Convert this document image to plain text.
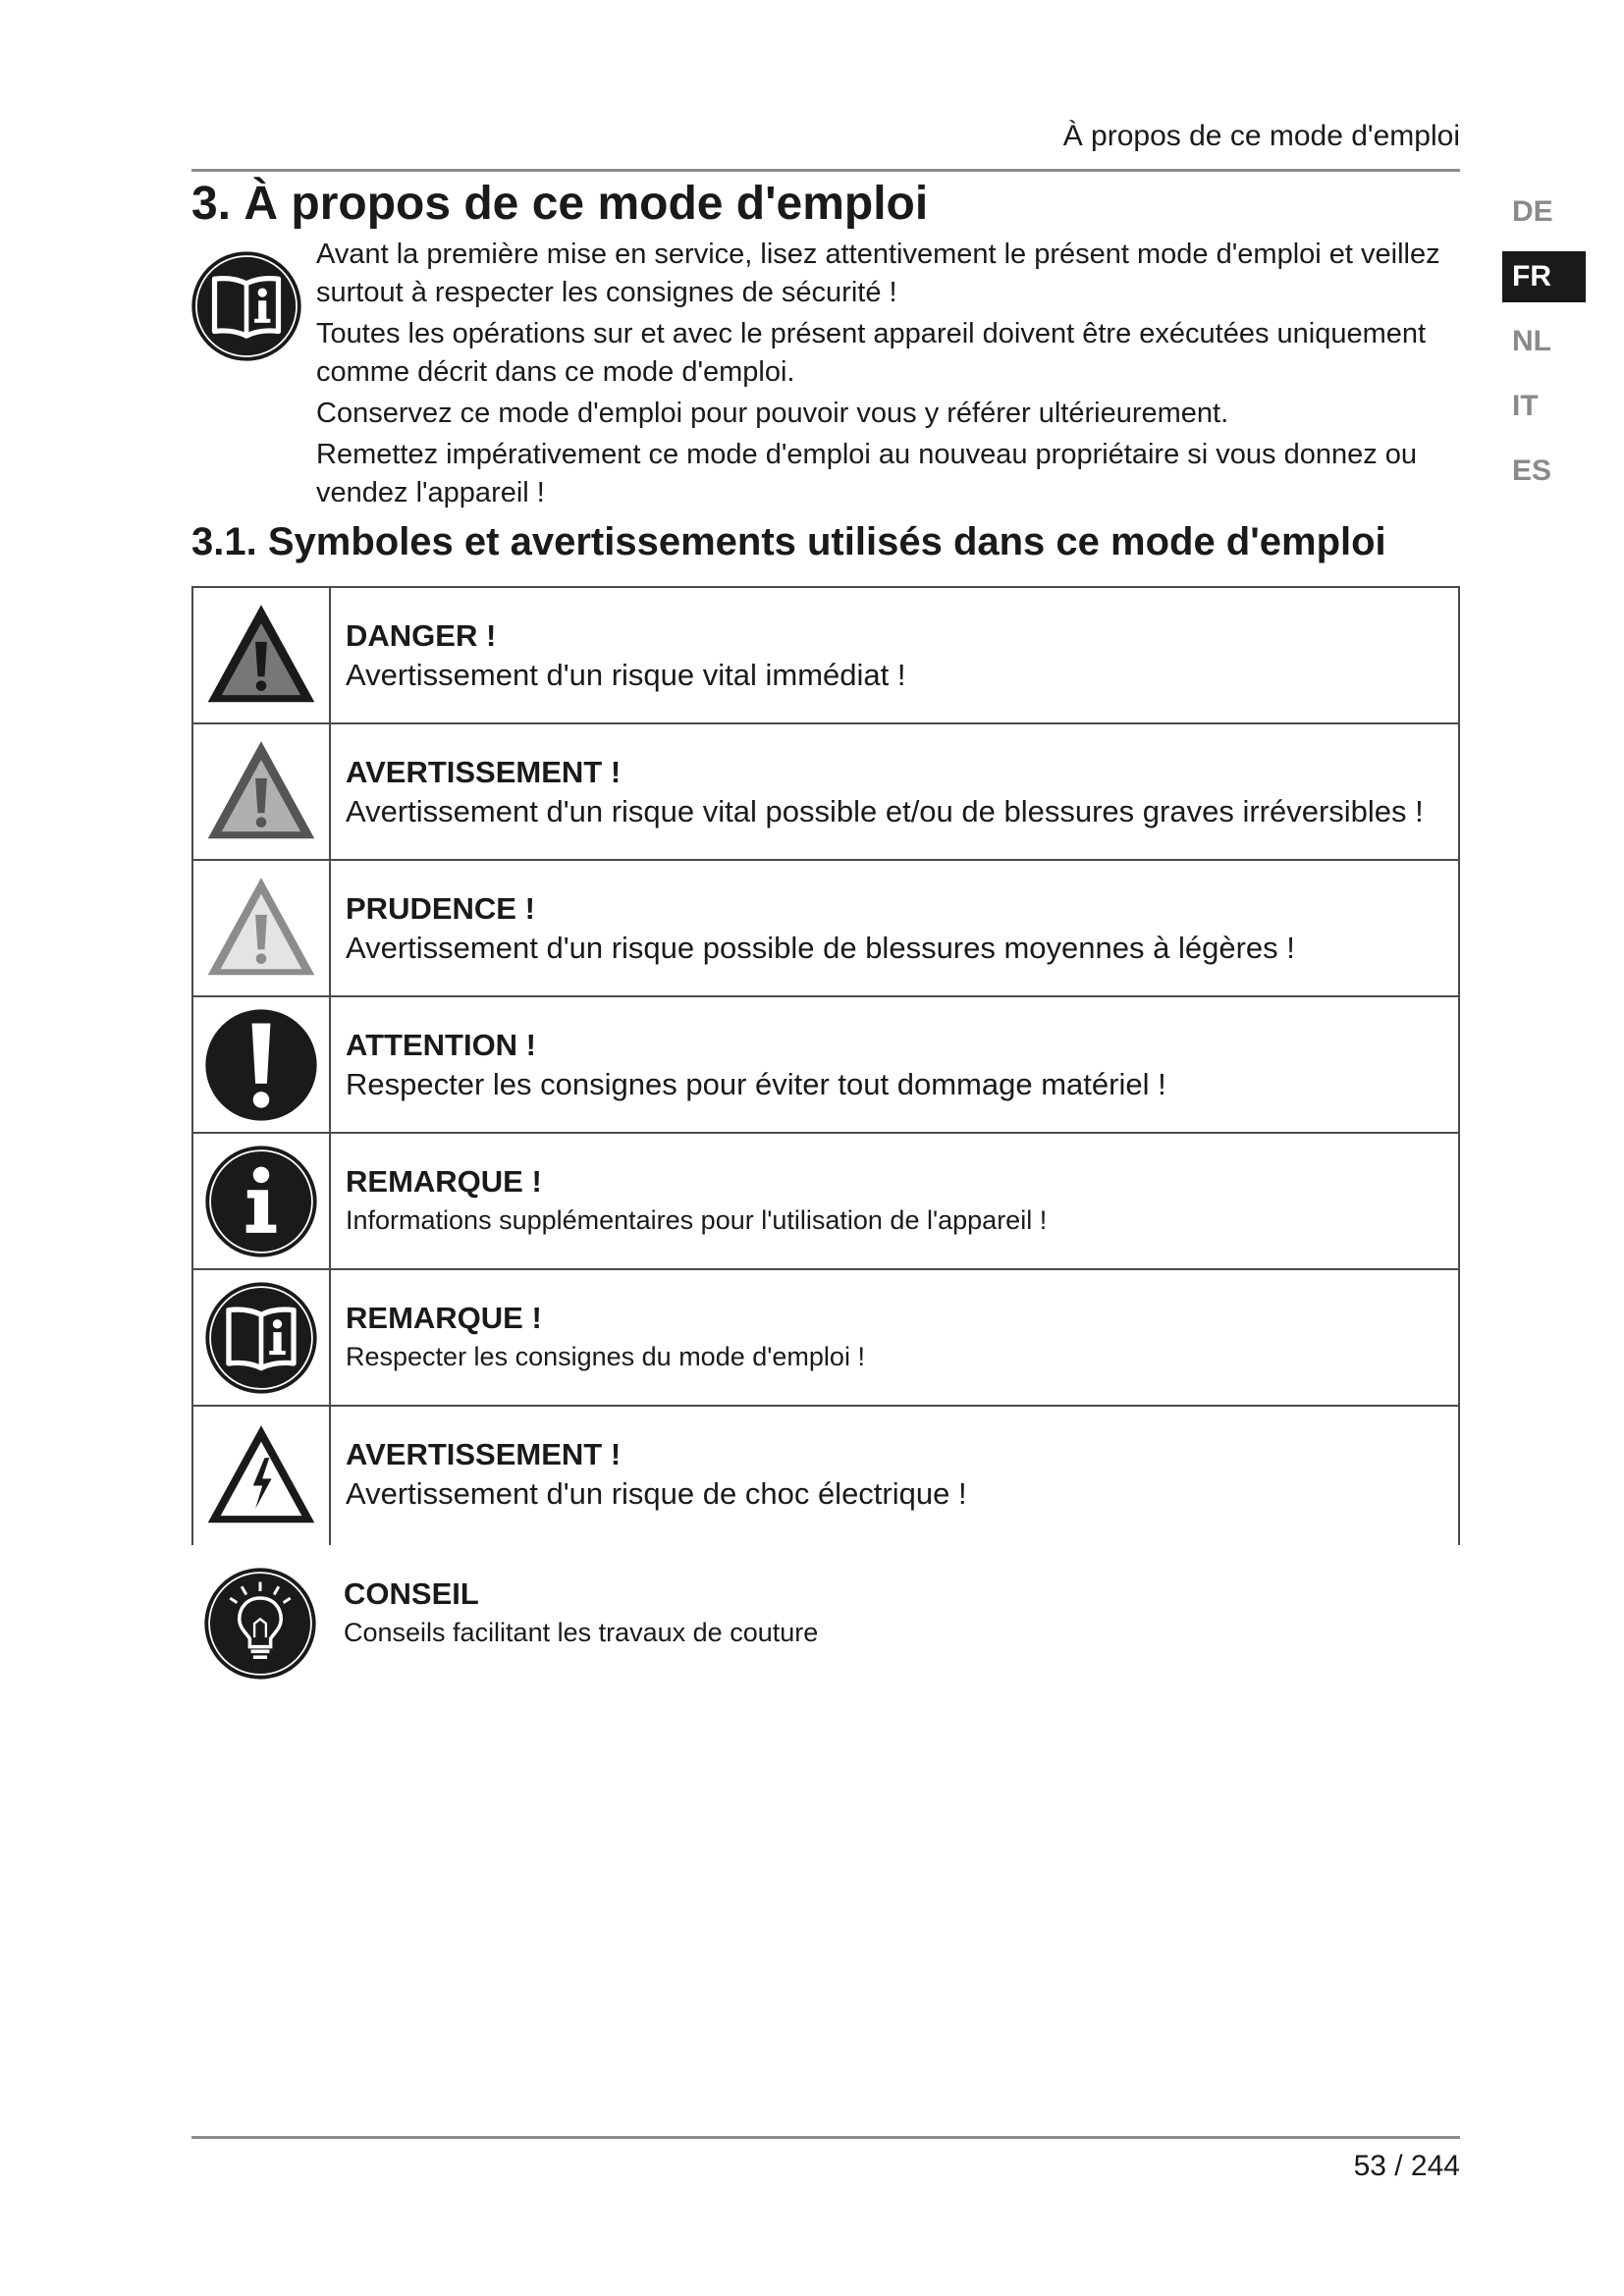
À propos de ce mode d'emploi
3. À propos de ce mode d'emploi

Avant la première mise en service, lisez attentivement le présent mode d'emploi et veillez surtout à respecter les consignes de sécurité !

Toutes les opérations sur et avec le présent appareil doivent être exécutées uniquement comme décrit dans ce mode d'emploi.

Conservez ce mode d'emploi pour pouvoir vous y référer ultérieurement.

Remettez impérativement ce mode d'emploi au nouveau propriétaire si vous donnez ou vendez l'appareil !

DE
FR
NL
IT
ES
3.1. Symboles et avertissements utilisés dans ce mode d'emploi
DANGER !
Avertissement d'un risque vital immédiat !
AVERTISSEMENT !
Avertissement d'un risque vital possible et/ou de blessures graves irréversibles !
PRUDENCE !
Avertissement d'un risque possible de blessures moyennes à légères !
ATTENTION !
Respecter les consignes pour éviter tout dommage matériel !
REMARQUE !
Informations supplémentaires pour l'utilisation de l'appareil !
REMARQUE !
Respecter les consignes du mode d'emploi !
AVERTISSEMENT !
Avertissement d'un risque de choc électrique !
CONSEIL
Conseils facilitant les travaux de couture
53 / 244
